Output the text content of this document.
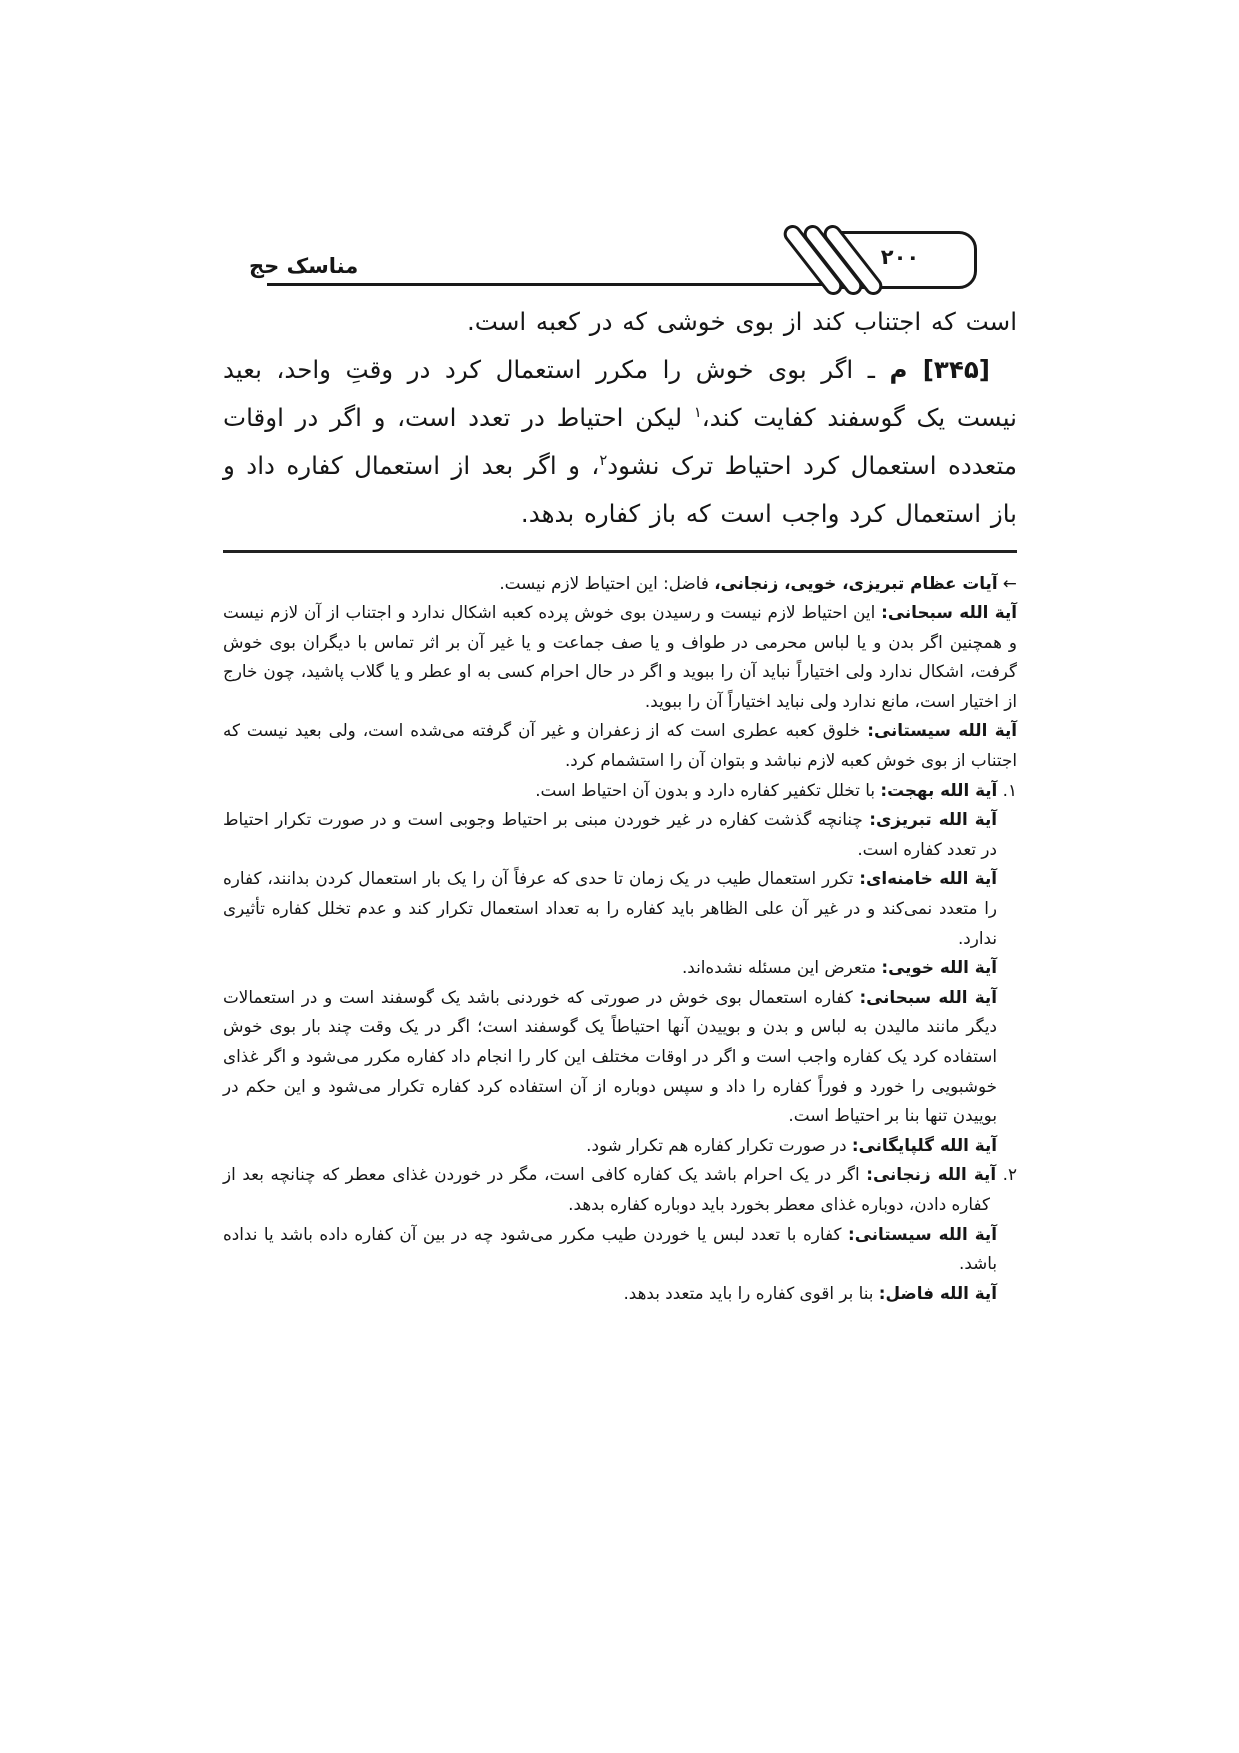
مناسک حج	۲۰۰

است که اجتناب کند از بوی خوشی که در کعبه است.

[۳۴۵] م ـ اگر بوی خوش را مکرر استعمال کرد در وقتِ واحد، بعید نیست یک گوسفند کفایت کند،$^۱$ لیکن احتیاط در تعدد است، و اگر در اوقات متعدده استعمال کرد احتیاط ترک نشود$^۲$، و اگر بعد از استعمال کفاره داد و باز استعمال کرد واجب است که باز کفاره بدهد.

← آیات عظام تبریزی، خویی، زنجانی، فاضل: این احتیاط لازم نیست.

آیة الله سبحانی: این احتیاط لازم نیست و رسیدن بوی خوش پرده کعبه اشکال ندارد و اجتناب از آن لازم نیست و همچنین اگر بدن و یا لباس محرمی در طواف و یا صف جماعت و یا غیر آن بر اثر تماس با دیگران بوی خوش گرفت، اشکال ندارد ولی اختیاراً نباید آن را ببوید و اگر در حال احرام کسی به او عطر و یا گلاب پاشید، چون خارج از اختیار است، مانع ندارد ولی نباید اختیاراً آن را ببوید.

آیة الله سیستانی: خلوق کعبه عطری است که از زعفران و غیر آن گرفته می‌شده است، ولی بعید نیست که اجتناب از بوی خوش کعبه لازم نباشد و بتوان آن را استشمام کرد.

۱. آیة الله بهجت: با تخلل تکفیر کفاره دارد و بدون آن احتیاط است.

آیة الله تبریزی: چنانچه گذشت کفاره در غیر خوردن مبنی بر احتیاط وجوبی است و در صورت تکرار احتیاط در تعدد کفاره است.

آیة الله خامنه‌ای: تکرر استعمال طیب در یک زمان تا حدی که عرفاً آن را یک بار استعمال کردن بدانند، کفاره را متعدد نمی‌کند و در غیر آن علی الظاهر باید کفاره را به تعداد استعمال تکرار کند و عدم تخلل کفاره تأثیری ندارد.

آیة الله خویی: متعرض این مسئله نشده‌اند.

آیة الله سبحانی: کفاره استعمال بوی خوش در صورتی که خوردنی باشد یک گوسفند است و در استعمالات دیگر مانند مالیدن به لباس و بدن و بوییدن آنها احتیاطاً یک گوسفند است؛ اگر در یک وقت چند بار بوی خوش استفاده کرد یک کفاره واجب است و اگر در اوقات مختلف این کار را انجام داد کفاره مکرر می‌شود و اگر غذای خوشبویی را خورد و فوراً کفاره را داد و سپس دوباره از آن استفاده کرد کفاره تکرار می‌شود و این حکم در بوییدن تنها بنا بر احتیاط است.

آیة الله گلپایگانی: در صورت تکرار کفاره هم تکرار شود.

۲. آیة الله زنجانی: اگر در یک احرام باشد یک کفاره کافی است، مگر در خوردن غذای معطر که چنانچه بعد از کفاره دادن، دوباره غذای معطر بخورد باید دوباره کفاره بدهد.

آیة الله سیستانی: کفاره با تعدد لبس یا خوردن طیب مکرر می‌شود چه در بین آن کفاره داده باشد یا نداده باشد.

آیة الله فاضل: بنا بر اقوی کفاره را باید متعدد بدهد.
